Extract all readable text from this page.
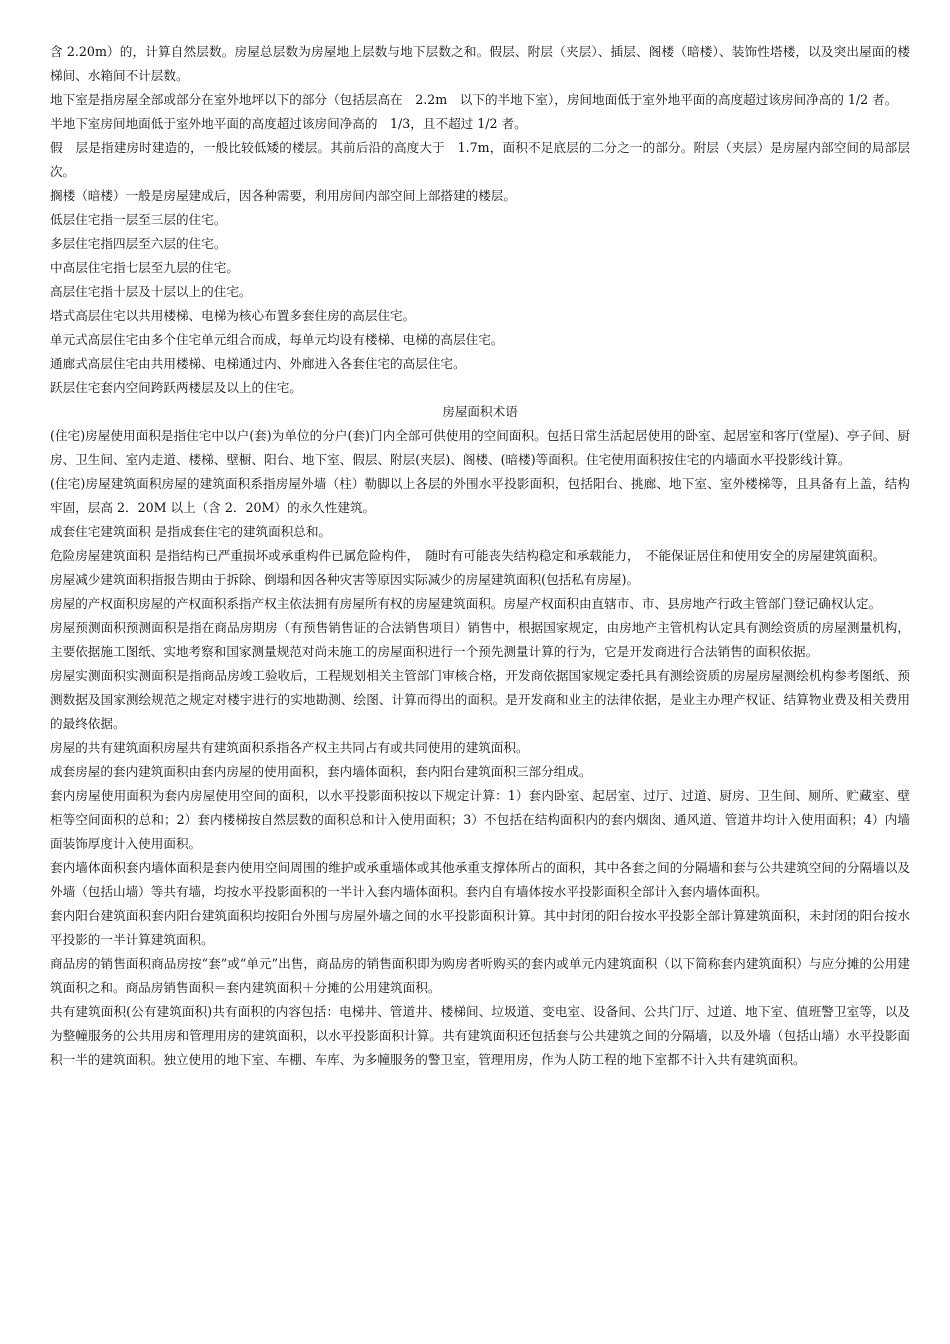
含 2.20m）的，计算自然层数。房屋总层数为房屋地上层数与地下层数之和。假层、附层（夹层）、插层、阁楼（暗楼）、装饰性塔楼，以及突出屋面的楼梯间、水箱间不计层数。

地下室是指房屋全部或部分在室外地坪以下的部分（包括层高在　2.2m　以下的半地下室），房间地面低于室外地平面的高度超过该房间净高的 1/2 者。

半地下室房间地面低于室外地平面的高度超过该房间净高的　1/3，且不超过 1/2 者。

假　层是指建房时建造的，一般比较低矮的楼层。其前后沿的高度大于　1.7m，面积不足底层的二分之一的部分。附层（夹层）是房屋内部空间的局部层次。

搁楼（暗楼）一般是房屋建成后，因各种需要，利用房间内部空间上部搭建的楼层。

低层住宅指一层至三层的住宅。

多层住宅指四层至六层的住宅。

中高层住宅指七层至九层的住宅。

高层住宅指十层及十层以上的住宅。

塔式高层住宅以共用楼梯、电梯为核心布置多套住房的高层住宅。

单元式高层住宅由多个住宅单元组合而成，每单元均设有楼梯、电梯的高层住宅。

通廊式高层住宅由共用楼梯、电梯通过内、外廊进入各套住宅的高层住宅。

跃层住宅套内空间跨跃两楼层及以上的住宅。

房屋面积术语

(住宅)房屋使用面积是指住宅中以户(套)为单位的分户(套)门内全部可供使用的空间面积。包括日常生活起居使用的卧室、起居室和客厅(堂屋)、亭子间、厨房、卫生间、室内走道、楼梯、壁橱、阳台、地下室、假层、附层(夹层)、阁楼、(暗楼)等面积。住宅使用面积按住宅的内墙面水平投影线计算。

(住宅)房屋建筑面积房屋的建筑面积系指房屋外墙（柱）勒脚以上各层的外围水平投影面积，包括阳台、挑廊、地下室、室外楼梯等，且具备有上盖，结构牢固，层高 2．20M 以上（含 2．20M）的永久性建筑。

成套住宅建筑面积 是指成套住宅的建筑面积总和。

危险房屋建筑面积 是指结构已严重损坏或承重构件已属危险构件，　随时有可能丧失结构稳定和承载能力，　不能保证居住和使用安全的房屋建筑面积。

房屋减少建筑面积指报告期由于拆除、倒塌和因各种灾害等原因实际减少的房屋建筑面积(包括私有房屋)。

房屋的产权面积房屋的产权面积系指产权主依法拥有房屋所有权的房屋建筑面积。房屋产权面积由直辖市、市、县房地产行政主管部门登记确权认定。

房屋预测面积预测面积是指在商品房期房（有预售销售证的合法销售项目）销售中，根据国家规定，由房地产主管机构认定具有测绘资质的房屋测量机构，主要依据施工图纸、实地考察和国家测量规范对尚未施工的房屋面积进行一个预先测量计算的行为，它是开发商进行合法销售的面积依据。

房屋实测面积实测面积是指商品房竣工验收后，工程规划相关主管部门审核合格，开发商依据国家规定委托具有测绘资质的房屋房屋测绘机构参考图纸、预测数据及国家测绘规范之规定对楼宇进行的实地勘测、绘图、计算而得出的面积。是开发商和业主的法律依据，是业主办理产权证、结算物业费及相关费用的最终依据。

房屋的共有建筑面积房屋共有建筑面积系指各产权主共同占有或共同使用的建筑面积。

成套房屋的套内建筑面积由套内房屋的使用面积，套内墙体面积，套内阳台建筑面积三部分组成。

套内房屋使用面积为套内房屋使用空间的面积，以水平投影面积按以下规定计算：1）套内卧室、起居室、过厅、过道、厨房、卫生间、厕所、贮藏室、壁柜等空间面积的总和；2）套内楼梯按自然层数的面积总和计入使用面积；3）不包括在结构面积内的套内烟囱、通风道、管道井均计入使用面积；4）内墙面装饰厚度计入使用面积。

套内墙体面积套内墙体面积是套内使用空间周围的维护或承重墙体或其他承重支撑体所占的面积，其中各套之间的分隔墙和套与公共建筑空间的分隔墙以及外墙（包括山墙）等共有墙，均按水平投影面积的一半计入套内墙体面积。套内自有墙体按水平投影面积全部计入套内墙体面积。

套内阳台建筑面积套内阳台建筑面积均按阳台外围与房屋外墙之间的水平投影面积计算。其中封闭的阳台按水平投影全部计算建筑面积，未封闭的阳台按水平投影的一半计算建筑面积。

商品房的销售面积商品房按“套”或“单元”出售，商品房的销售面积即为购房者听购买的套内或单元内建筑面积（以下简称套内建筑面积）与应分摊的公用建筑面积之和。商品房销售面积＝套内建筑面积＋分摊的公用建筑面积。

共有建筑面积(公有建筑面积)共有面积的内容包括：电梯井、管道井、楼梯间、垃圾道、变电室、设备间、公共门厅、过道、地下室、值班警卫室等，以及为整幢服务的公共用房和管理用房的建筑面积，以水平投影面积计算。共有建筑面积还包括套与公共建筑之间的分隔墙，以及外墙（包括山墙）水平投影面积一半的建筑面积。独立使用的地下室、车棚、车库、为多幢服务的警卫室，管理用房，作为人防工程的地下室都不计入共有建筑面积。
